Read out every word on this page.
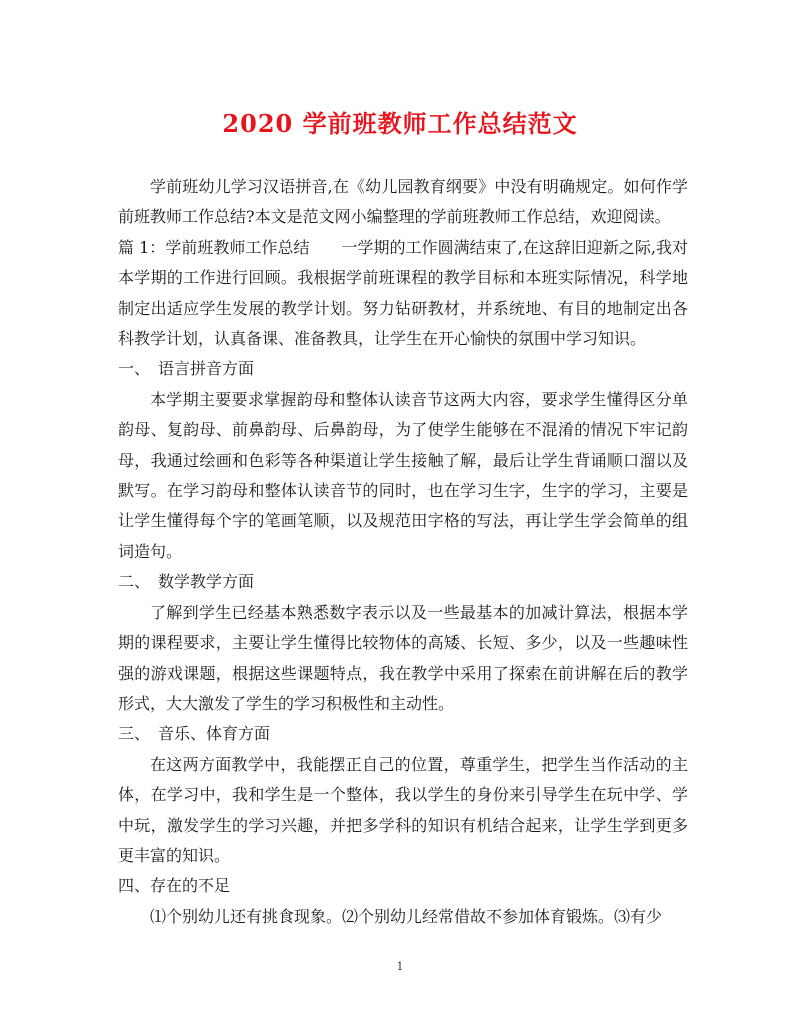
2020 学前班教师工作总结范文

学前班幼儿学习汉语拼音,在《幼儿园教育纲要》中没有明确规定。如何作学前班教师工作总结?本文是范文网小编整理的学前班教师工作总结，欢迎阅读。

篇 1：学前班教师工作总结　　一学期的工作圆满结束了,在这辞旧迎新之际,我对本学期的工作进行回顾。我根据学前班课程的教学目标和本班实际情况，科学地制定出适应学生发展的教学计划。努力钻研教材，并系统地、有目的地制定出各科教学计划，认真备课、准备教具，让学生在开心愉快的氛围中学习知识。

一、　语言拼音方面

本学期主要要求掌握韵母和整体认读音节这两大内容，要求学生懂得区分单韵母、复韵母、前鼻韵母、后鼻韵母，为了使学生能够在不混淆的情况下牢记韵母，我通过绘画和色彩等各种渠道让学生接触了解，最后让学生背诵顺口溜以及默写。在学习韵母和整体认读音节的同时，也在学习生字，生字的学习，主要是让学生懂得每个字的笔画笔顺，以及规范田字格的写法，再让学生学会简单的组词造句。

二、　数学教学方面

了解到学生已经基本熟悉数字表示以及一些最基本的加减计算法，根据本学期的课程要求，主要让学生懂得比较物体的高矮、长短、多少，以及一些趣味性强的游戏课题，根据这些课题特点，我在教学中采用了探索在前讲解在后的教学形式，大大激发了学生的学习积极性和主动性。

三、　音乐、体育方面

在这两方面教学中，我能摆正自己的位置，尊重学生，把学生当作活动的主体，在学习中，我和学生是一个整体，我以学生的身份来引导学生在玩中学、学中玩，激发学生的学习兴趣，并把多学科的知识有机结合起来，让学生学到更多更丰富的知识。

四、存在的不足

⑴个别幼儿还有挑食现象。⑵个别幼儿经常借故不参加体育锻炼。⑶有少

1
